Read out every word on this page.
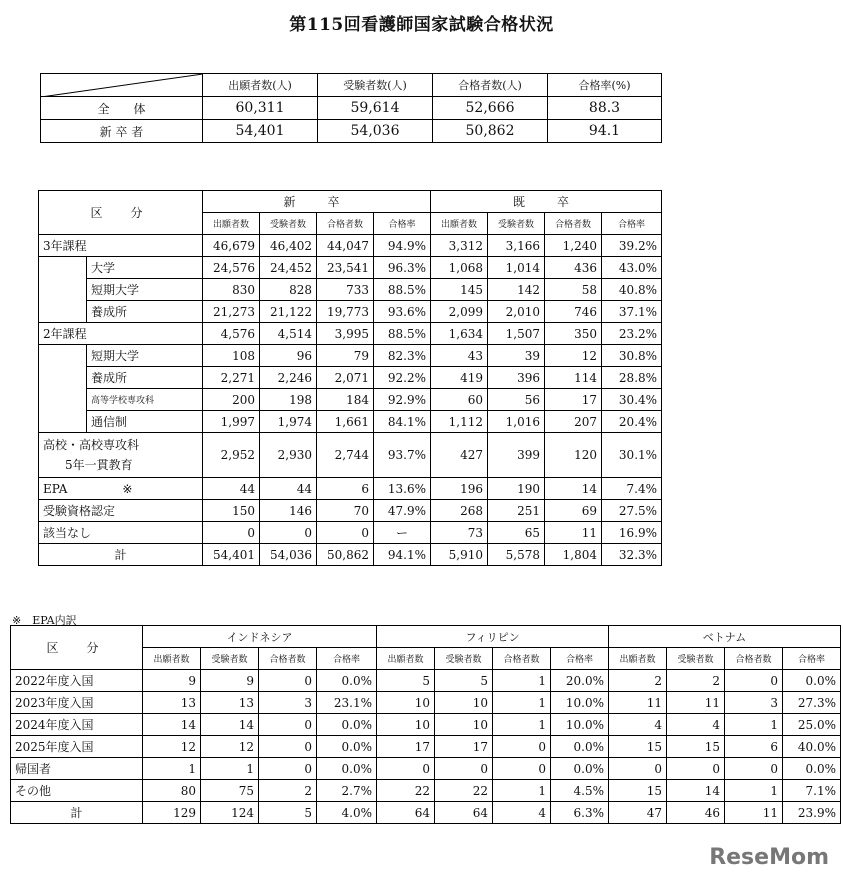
第115回看護師国家試験合格状況
	出願者数(人)	受験者数(人)	合格者数(人)	合格率(%)
全　　体	60,311	59,614	52,666	88.3
新 卒 者	54,401	54,036	50,862	94.1
区　分		新　卒				既　卒			
		出願者数	受験者数	合格者数	合格率	出願者数	受験者数	合格者数	合格率
3年課程		46,679	46,402	44,047	94.9%	3,312	3,166	1,240	39.2%
	大学	24,576	24,452	23,541	96.3%	1,068	1,014	436	43.0%
	短期大学	830	828	733	88.5%	145	142	58	40.8%
	養成所	21,273	21,122	19,773	93.6%	2,099	2,010	746	37.1%
2年課程		4,576	4,514	3,995	88.5%	1,634	1,507	350	23.2%
	短期大学	108	96	79	82.3%	43	39	12	30.8%
	養成所	2,271	2,246	2,071	92.2%	419	396	114	28.8%
	高等学校専攻科	200	198	184	92.9%	60	56	17	30.4%
	通信制	1,997	1,974	1,661	84.1%	1,112	1,016	207	20.4%

高校・高校専攻科
5年一貫教育		2,952	2,930	2,744	93.7%	427	399	120	30.1%
EPA ※		44	44	6	13.6%	196	190	14	7.4%
受験資格認定		150	146	70	47.9%	268	251	69	27.5%
該当なし		0	0	0	ー	73	65	11	16.9%
計		54,401	54,036	50,862	94.1%	5,910	5,578	1,804	32.3%
※　EPA内訳
区　分	インドネシア				フィリピン				ベトナム			
	出願者数	受験者数	合格者数	合格率	出願者数	受験者数	合格者数	合格率	出願者数	受験者数	合格者数	合格率
2022年度入国	9	9	0	0.0%	5	5	1	20.0%	2	2	0	0.0%
2023年度入国	13	13	3	23.1%	10	10	1	10.0%	11	11	3	27.3%
2024年度入国	14	14	0	0.0%	10	10	1	10.0%	4	4	1	25.0%
2025年度入国	12	12	0	0.0%	17	17	0	0.0%	15	15	6	40.0%
帰国者	1	1	0	0.0%	0	0	0	0.0%	0	0	0	0.0%
その他	80	75	2	2.7%	22	22	1	4.5%	15	14	1	7.1%
計	129	124	5	4.0%	64	64	4	6.3%	47	46	11	23.9%
ReseMom
